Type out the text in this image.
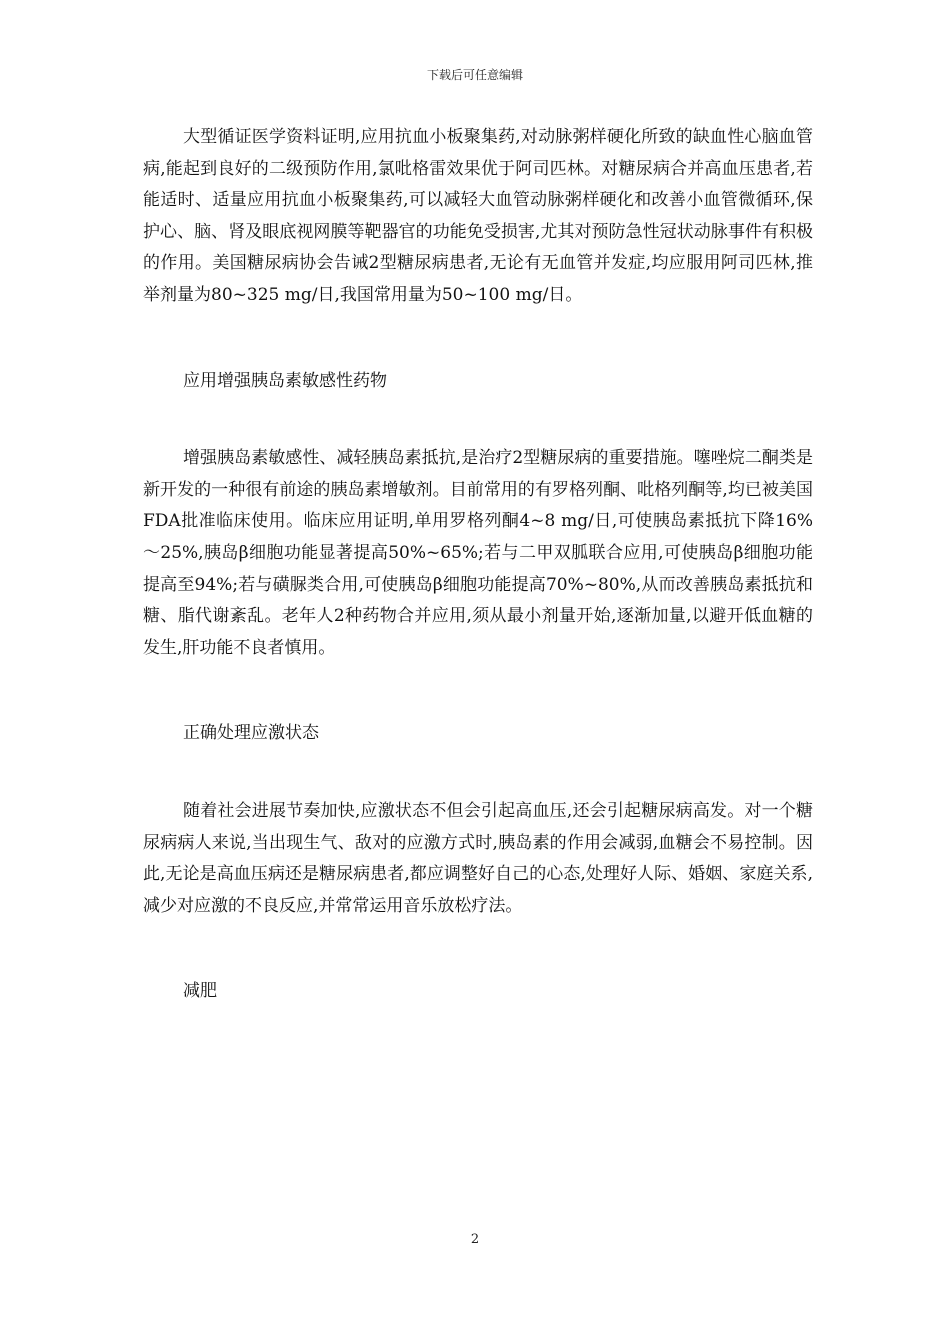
下载后可任意编辑

大型循证医学资料证明,应用抗血小板聚集药,对动脉粥样硬化所致的缺血性心脑血管病,能起到良好的二级预防作用,氯吡格雷效果优于阿司匹林。对糖尿病合并高血压患者,若能适时、适量应用抗血小板聚集药,可以减轻大血管动脉粥样硬化和改善小血管微循环,保护心、脑、肾及眼底视网膜等靶器官的功能免受损害,尤其对预防急性冠状动脉事件有积极的作用。美国糖尿病协会告诫2型糖尿病患者,无论有无血管并发症,均应服用阿司匹林,推举剂量为80~325 mg/日,我国常用量为50~100 mg/日。

应用增强胰岛素敏感性药物

增强胰岛素敏感性、减轻胰岛素抵抗,是治疗2型糖尿病的重要措施。噻唑烷二酮类是新开发的一种很有前途的胰岛素增敏剂。目前常用的有罗格列酮、吡格列酮等,均已被美国FDA批准临床使用。临床应用证明,单用罗格列酮4~8 mg/日,可使胰岛素抵抗下降16%～25%,胰岛β细胞功能显著提高50%~65%;若与二甲双胍联合应用,可使胰岛β细胞功能提高至94%;若与磺脲类合用,可使胰岛β细胞功能提高70%~80%,从而改善胰岛素抵抗和糖、脂代谢紊乱。老年人2种药物合并应用,须从最小剂量开始,逐渐加量,以避开低血糖的发生,肝功能不良者慎用。

正确处理应激状态

随着社会进展节奏加快,应激状态不但会引起高血压,还会引起糖尿病高发。对一个糖尿病病人来说,当出现生气、敌对的应激方式时,胰岛素的作用会减弱,血糖会不易控制。因此,无论是高血压病还是糖尿病患者,都应调整好自己的心态,处理好人际、婚姻、家庭关系,减少对应激的不良反应,并常常运用音乐放松疗法。

减肥

2
